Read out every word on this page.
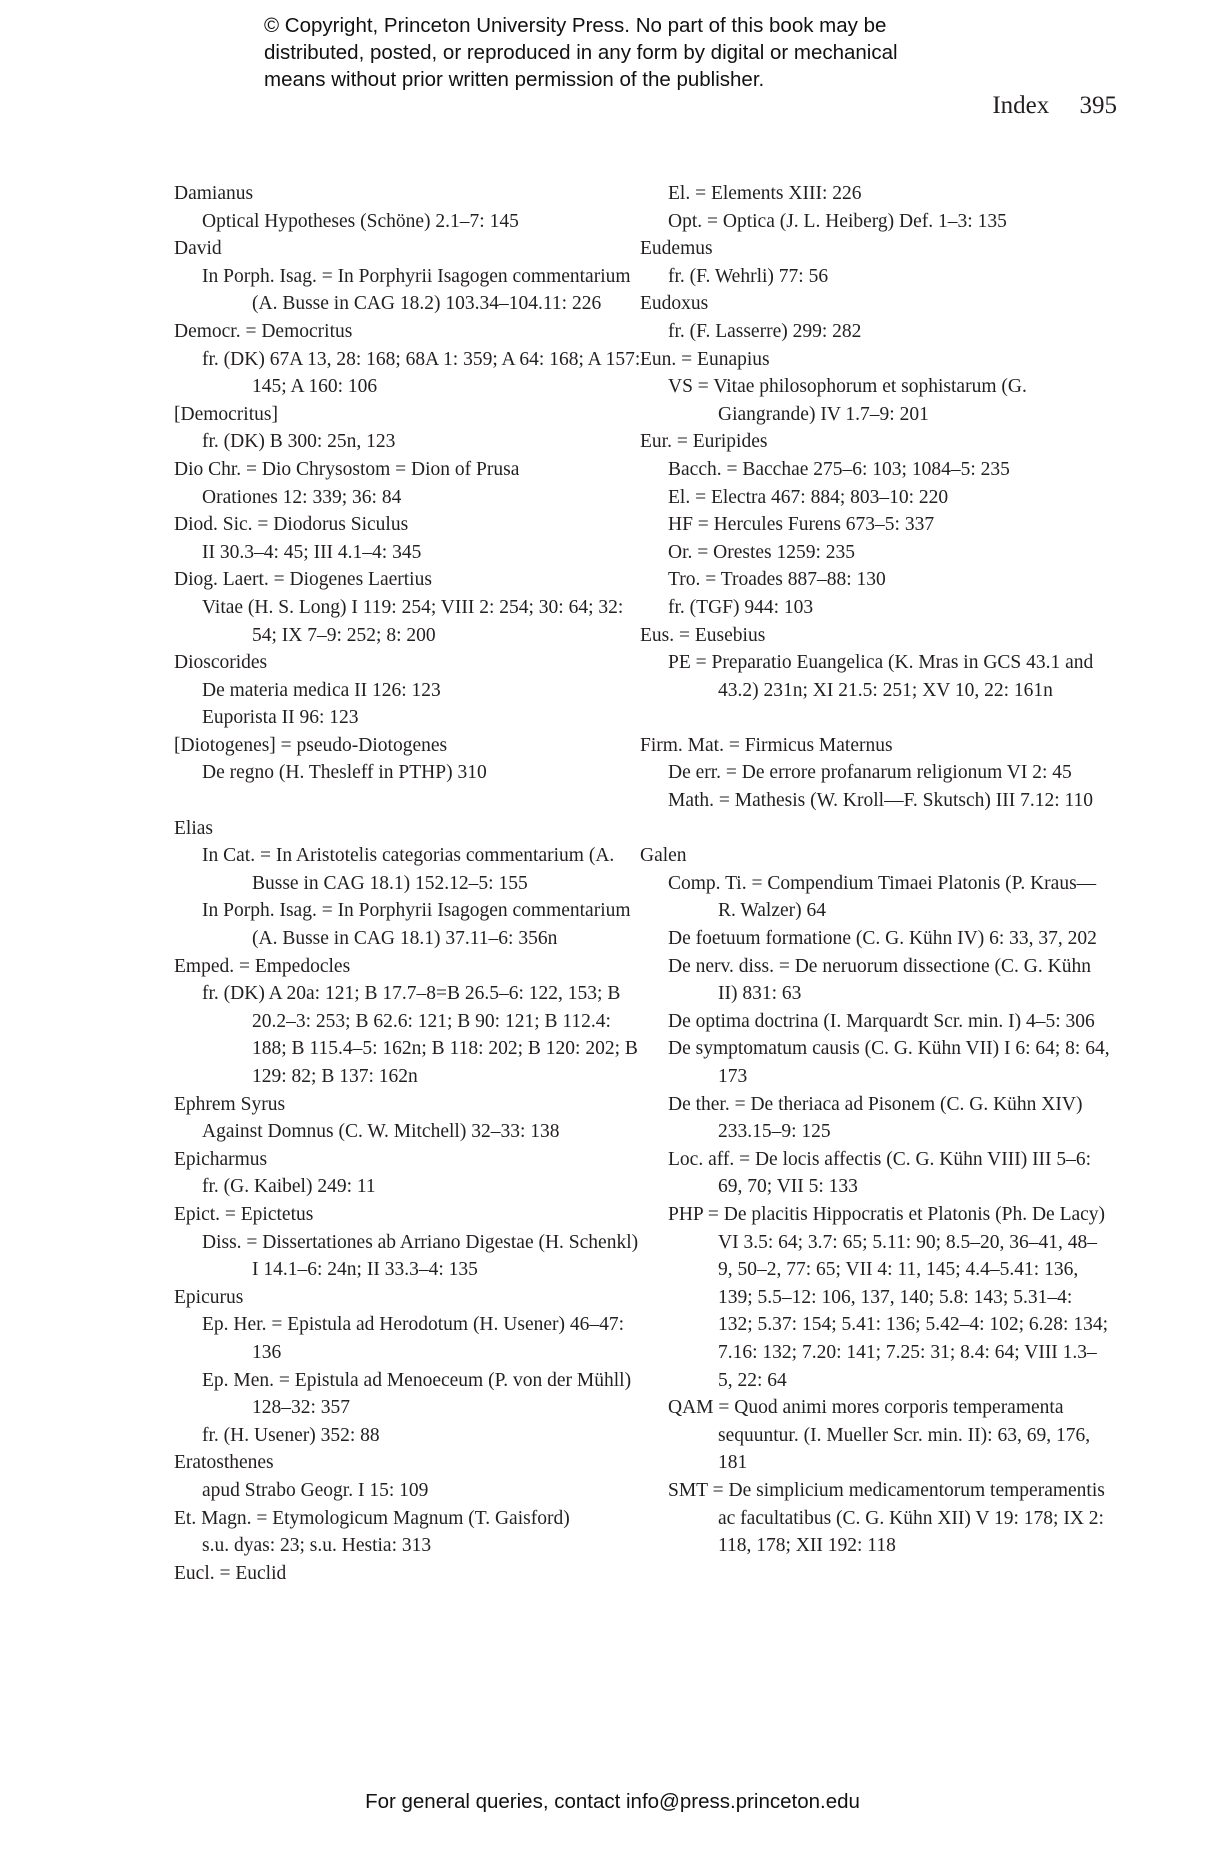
© Copyright, Princeton University Press. No part of this book may be
distributed, posted, or reproduced in any form by digital or mechanical
means without prior written permission of the publisher.
Index 395
Damianus
Optical Hypotheses (Schöne) 2.1–7: 145
David
In Porph. Isag. = In Porphyrii Isagogen commentarium (A. Busse in CAG 18.2) 103.34–104.11: 226
Democr. = Democritus
fr. (DK) 67A 13, 28: 168; 68A 1: 359; A 64: 168; A 157: 145; A 160: 106
[Democritus]
fr. (DK) B 300: 25n, 123
Dio Chr. = Dio Chrysostom = Dion of Prusa
Orationes 12: 339; 36: 84
Diod. Sic. = Diodorus Siculus
II 30.3–4: 45; III 4.1–4: 345
Diog. Laert. = Diogenes Laertius
Vitae (H. S. Long) I 119: 254; VIII 2: 254; 30: 64; 32: 54; IX 7–9: 252; 8: 200
Dioscorides
De materia medica II 126: 123
Euporista II 96: 123
[Diotogenes] = pseudo-Diotogenes
De regno (H. Thesleff in PTHP) 310
Elias
In Cat. = In Aristotelis categorias commentarium (A. Busse in CAG 18.1) 152.12–5: 155
In Porph. Isag. = In Porphyrii Isagogen commentarium (A. Busse in CAG 18.1) 37.11–6: 356n
Emped. = Empedocles
fr. (DK) A 20a: 121; B 17.7–8=B 26.5–6: 122, 153; B 20.2–3: 253; B 62.6: 121; B 90: 121; B 112.4: 188; B 115.4–5: 162n; B 118: 202; B 120: 202; B 129: 82; B 137: 162n
Ephrem Syrus
Against Domnus (C. W. Mitchell) 32–33: 138
Epicharmus
fr. (G. Kaibel) 249: 11
Epict. = Epictetus
Diss. = Dissertationes ab Arriano Digestae (H. Schenkl) I 14.1–6: 24n; II 33.3–4: 135
Epicurus
Ep. Her. = Epistula ad Herodotum (H. Usener) 46–47: 136
Ep. Men. = Epistula ad Menoeceum (P. von der Mühll) 128–32: 357
fr. (H. Usener) 352: 88
Eratosthenes
apud Strabo Geogr. I 15: 109
Et. Magn. = Etymologicum Magnum (T. Gaisford)
s.u. dyas: 23; s.u. Hestia: 313
Eucl. = Euclid
El. = Elements XIII: 226
Opt. = Optica (J. L. Heiberg) Def. 1–3: 135
Eudemus
fr. (F. Wehrli) 77: 56
Eudoxus
fr. (F. Lasserre) 299: 282
Eun. = Eunapius
VS = Vitae philosophorum et sophistarum (G. Giangrande) IV 1.7–9: 201
Eur. = Euripides
Bacch. = Bacchae 275–6: 103; 1084–5: 235
El. = Electra 467: 884; 803–10: 220
HF = Hercules Furens 673–5: 337
Or. = Orestes 1259: 235
Tro. = Troades 887–88: 130
fr. (TGF) 944: 103
Eus. = Eusebius
PE = Preparatio Euangelica (K. Mras in GCS 43.1 and 43.2) 231n; XI 21.5: 251; XV 10, 22: 161n
Firm. Mat. = Firmicus Maternus
De err. = De errore profanarum religionum VI 2: 45
Math. = Mathesis (W. Kroll—F. Skutsch) III 7.12: 110
Galen
Comp. Ti. = Compendium Timaei Platonis (P. Kraus—R. Walzer) 64
De foetuum formatione (C. G. Kühn IV) 6: 33, 37, 202
De nerv. diss. = De neruorum dissectione (C. G. Kühn II) 831: 63
De optima doctrina (I. Marquardt Scr. min. I) 4–5: 306
De symptomatum causis (C. G. Kühn VII) I 6: 64; 8: 64, 173
De ther. = De theriaca ad Pisonem (C. G. Kühn XIV) 233.15–9: 125
Loc. aff. = De locis affectis (C. G. Kühn VIII) III 5–6: 69, 70; VII 5: 133
PHP = De placitis Hippocratis et Platonis (Ph. De Lacy) VI 3.5: 64; 3.7: 65; 5.11: 90; 8.5–20, 36–41, 48–9, 50–2, 77: 65; VII 4: 11, 145; 4.4–5.41: 136, 139; 5.5–12: 106, 137, 140; 5.8: 143; 5.31–4: 132; 5.37: 154; 5.41: 136; 5.42–4: 102; 6.28: 134; 7.16: 132; 7.20: 141; 7.25: 31; 8.4: 64; VIII 1.3–5, 22: 64
QAM = Quod animi mores corporis temperamenta sequuntur. (I. Mueller Scr. min. II): 63, 69, 176, 181
SMT = De simplicium medicamentorum temperamentis ac facultatibus (C. G. Kühn XII) V 19: 178; IX 2: 118, 178; XII 192: 118
For general queries, contact info@press.princeton.edu
